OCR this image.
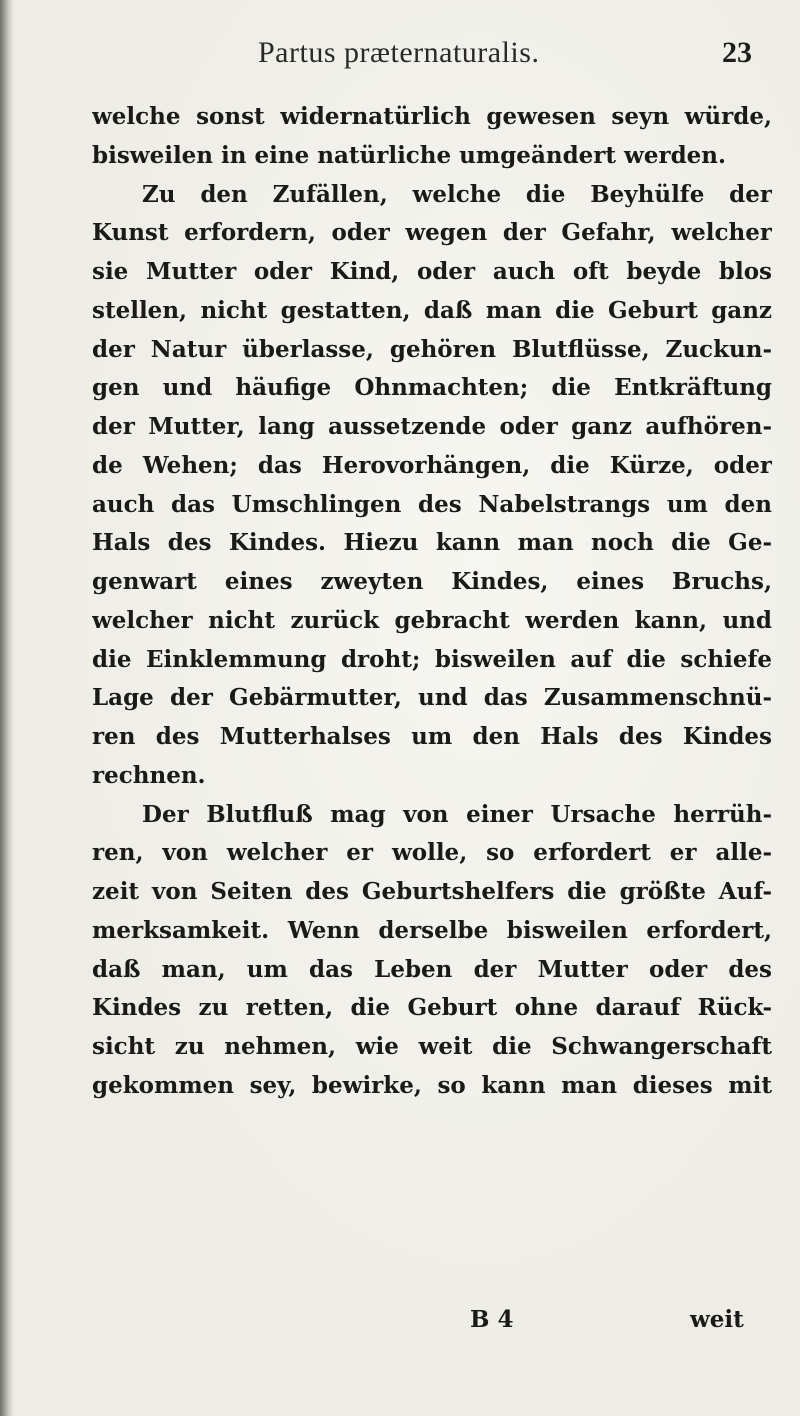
Partus præternaturalis.	23
welche sonst widernatürlich gewesen seyn würde,
bisweilen in eine natürliche umgeändert werden.
Zu den Zufällen, welche die Beyhülfe der
Kunst erfordern, oder wegen der Gefahr, welcher
sie Mutter oder Kind, oder auch oft beyde blos
stellen, nicht gestatten, daß man die Geburt ganz
der Natur überlasse, gehören Blutflüsse, Zuckun-
gen und häufige Ohnmachten; die Entkräftung
der Mutter, lang aussetzende oder ganz aufhören-
de Wehen; das Herovorhängen, die Kürze, oder
auch das Umschlingen des Nabelstrangs um den
Hals des Kindes. Hiezu kann man noch die Ge-
genwart eines zweyten Kindes, eines Bruchs,
welcher nicht zurück gebracht werden kann, und
die Einklemmung droht; bisweilen auf die schiefe
Lage der Gebärmutter, und das Zusammenschnü-
ren des Mutterhalses um den Hals des Kindes
rechnen.
Der Blutfluß mag von einer Ursache herrüh-
ren, von welcher er wolle, so erfordert er alle-
zeit von Seiten des Geburtshelfers die größte Auf-
merksamkeit. Wenn derselbe bisweilen erfordert,
daß man, um das Leben der Mutter oder des
Kindes zu retten, die Geburt ohne darauf Rück-
sicht zu nehmen, wie weit die Schwangerschaft
gekommen sey, bewirke, so kann man dieses mit
B 4	weit
